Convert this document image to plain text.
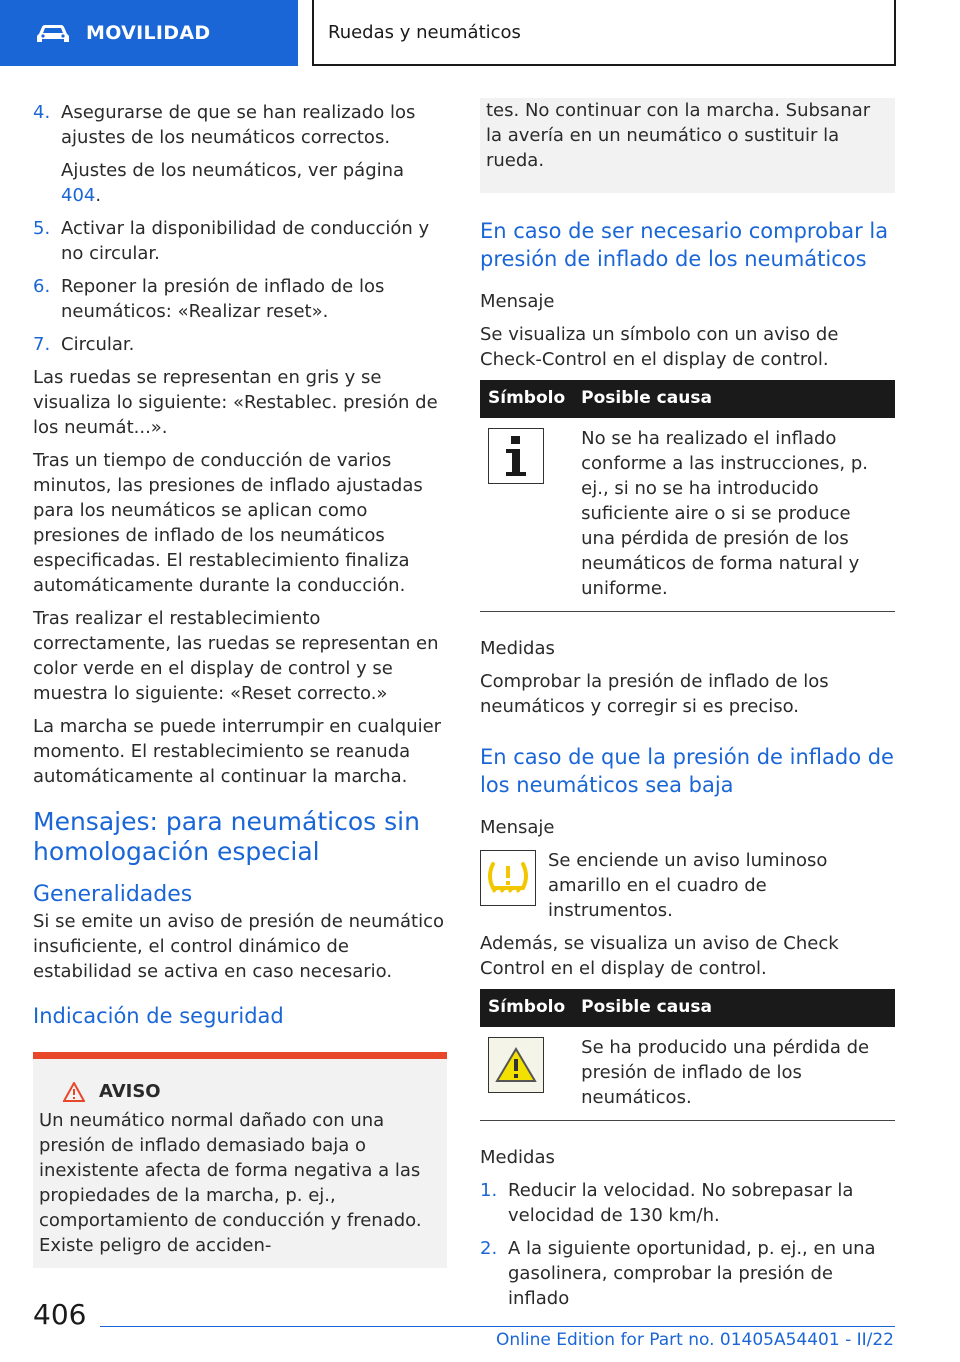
MOVILIDAD	Ruedas y neumáticos
4. Asegurarse de que se han realizado los ajustes de los neumáticos correctos.
Ajustes de los neumáticos, ver página 404.
5. Activar la disponibilidad de conducción y no circular.
6. Reponer la presión de inflado de los neumáticos: «Realizar reset».
7. Circular.

Las ruedas se representan en gris y se visualiza lo siguiente: «Restablec. presión de los neumát...».

Tras un tiempo de conducción de varios minutos, las presiones de inflado ajustadas para los neumáticos se aplican como presiones de inflado de los neumáticos especificadas. El restablecimiento finaliza automáticamente durante la conducción.

Tras realizar el restablecimiento correctamente, las ruedas se representan en color verde en el display de control y se muestra lo siguiente: «Reset correcto.»

La marcha se puede interrumpir en cualquier momento. El restablecimiento se reanuda automáticamente al continuar la marcha.

Mensajes: para neumáticos sin homologación especial
Generalidades

Si se emite un aviso de presión de neumático insuficiente, el control dinámico de estabilidad se activa en caso necesario.

Indicación de seguridad
AVISO
Un neumático normal dañado con una presión de inflado demasiado baja o inexistente afecta de forma negativa a las propiedades de la marcha, p. ej., comportamiento de conducción y frenado. Existe peligro de acciden-
tes. No continuar con la marcha. Subsanar la avería en un neumático o sustituir la rueda.
En caso de ser necesario comprobar la presión de inflado de los neumáticos
Mensaje

Se visualiza un símbolo con un aviso de Check-Control en el display de control.

Símbolo	Posible causa

	No se ha realizado el inflado conforme a las instrucciones, p. ej., si no se ha introducido suficiente aire o si se produce una pérdida de presión de los neumáticos de forma natural y uniforme.
Medidas

Comprobar la presión de inflado de los neumáticos y corregir si es preciso.

En caso de que la presión de inflado de los neumáticos sea baja
Mensaje
Se enciende un aviso luminoso amarillo en el cuadro de instrumentos.

Además, se visualiza un aviso de Check Control en el display de control.

Símbolo	Posible causa

	Se ha producido una pérdida de presión de inflado de los neumáticos.
Medidas
1. Reducir la velocidad. No sobrepasar la velocidad de 130 km/h.
2. A la siguiente oportunidad, p. ej., en una gasolinera, comprobar la presión de inflado
406
Online Edition for Part no. 01405A54401 - II/22
